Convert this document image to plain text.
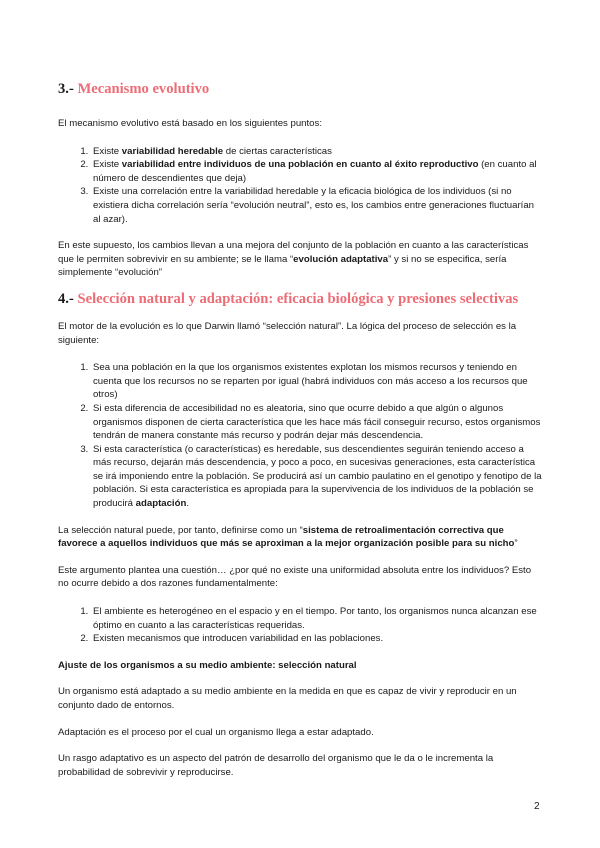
3.- Mecanismo evolutivo

El mecanismo evolutivo está basado en los siguientes puntos:

1. Existe variabilidad heredable de ciertas características
2. Existe variabilidad entre individuos de una población en cuanto al éxito reproductivo (en cuanto al número de descendientes que deja)
3. Existe una correlación entre la variabilidad heredable y la eficacia biológica de los individuos (si no existiera dicha correlación sería “evolución neutral”, esto es, los cambios entre generaciones fluctuarían al azar).

En este supuesto, los cambios llevan a una mejora del conjunto de la población en cuanto a las características que le permiten sobrevivir en su ambiente; se le llama “evolución adaptativa” y si no se especifica, sería simplemente “evolución”

4.- Selección natural y adaptación: eficacia biológica y presiones selectivas

El motor de la evolución es lo que Darwin llamó “selección natural”. La lógica del proceso de selección es la siguiente:

1. Sea una población en la que los organismos existentes explotan los mismos recursos y teniendo en cuenta que los recursos no se reparten por igual (habrá individuos con más acceso a los recursos que otros)
2. Si esta diferencia de accesibilidad no es aleatoria, sino que ocurre debido a que algún o algunos organismos disponen de cierta característica que les hace más fácil conseguir recurso, estos organismos tendrán de manera constante más recurso y podrán dejar más descendencia.
3. Si esta característica (o características) es heredable, sus descendientes seguirán teniendo acceso a más recurso, dejarán más descendencia, y poco a poco, en sucesivas generaciones, esta característica se irá imponiendo entre la población. Se producirá así un cambio paulatino en el genotipo y fenotipo de la población. Si esta característica es apropiada para la supervivencia de los individuos de la población se producirá adaptación.

La selección natural puede, por tanto, definirse como un “sistema de retroalimentación correctiva que favorece a aquellos individuos que más se aproximan a la mejor organización posible para su nicho”

Este argumento plantea una cuestión… ¿por qué no existe una uniformidad absoluta entre los individuos? Esto no ocurre debido a dos razones fundamentalmente:

1. El ambiente es heterogéneo en el espacio y en el tiempo. Por tanto, los organismos nunca alcanzan ese óptimo en cuanto a las características requeridas.
2. Existen mecanismos que introducen variabilidad en las poblaciones.

Ajuste de los organismos a su medio ambiente: selección natural

Un organismo está adaptado a su medio ambiente en la medida en que es capaz de vivir y reproducir en un conjunto dado de entornos.

Adaptación es el proceso por el cual un organismo llega a estar adaptado.

Un rasgo adaptativo es un aspecto del patrón de desarrollo del organismo que le da o le incrementa la probabilidad de sobrevivir y reproducirse.

2
